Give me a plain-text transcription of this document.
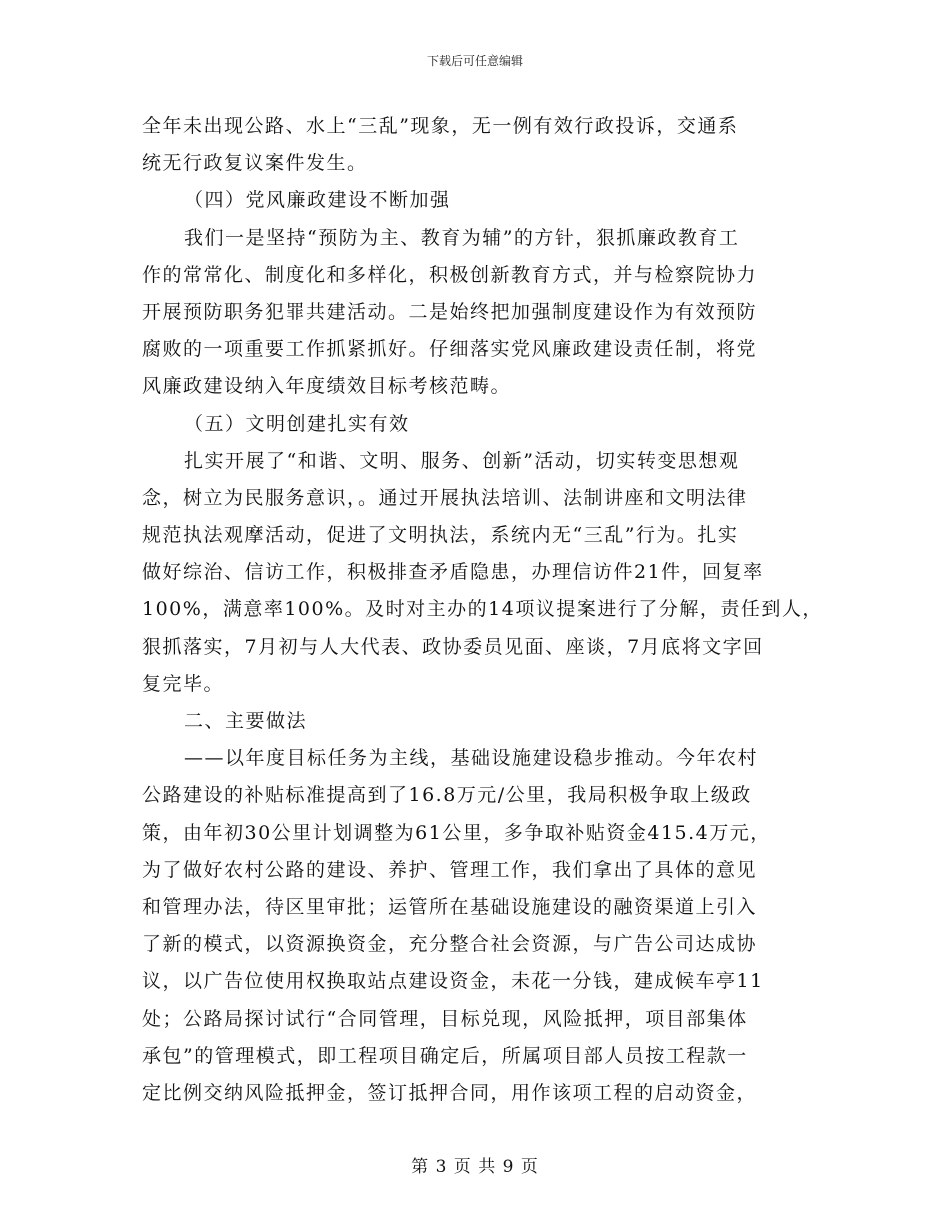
下载后可任意编辑
全年未出现公路、水上“三乱”现象，无一例有效行政投诉，交通系
统无行政复议案件发生。
（四）党风廉政建设不断加强
我们一是坚持“预防为主、教育为辅”的方针，狠抓廉政教育工
作的常常化、制度化和多样化，积极创新教育方式，并与检察院协力
开展预防职务犯罪共建活动。二是始终把加强制度建设作为有效预防
腐败的一项重要工作抓紧抓好。仔细落实党风廉政建设责任制，将党
风廉政建设纳入年度绩效目标考核范畴。
（五）文明创建扎实有效
扎实开展了“和谐、文明、服务、创新”活动，切实转变思想观
念，树立为民服务意识，。通过开展执法培训、法制讲座和文明法律
规范执法观摩活动，促进了文明执法，系统内无“三乱”行为。扎实
做好综治、信访工作，积极排查矛盾隐患，办理信访件21件，回复率
100%，满意率100%。及时对主办的14项议提案进行了分解，责任到人，
狠抓落实，7月初与人大代表、政协委员见面、座谈，7月底将文字回
复完毕。
二、主要做法
——以年度目标任务为主线，基础设施建设稳步推动。今年农村
公路建设的补贴标准提高到了16.8万元/公里，我局积极争取上级政
策，由年初30公里计划调整为61公里，多争取补贴资金415.4万元，
为了做好农村公路的建设、养护、管理工作，我们拿出了具体的意见
和管理办法，待区里审批；运管所在基础设施建设的融资渠道上引入
了新的模式，以资源换资金，充分整合社会资源，与广告公司达成协
议，以广告位使用权换取站点建设资金，未花一分钱，建成候车亭11
处；公路局探讨试行“合同管理，目标兑现，风险抵押，项目部集体
承包”的管理模式，即工程项目确定后，所属项目部人员按工程款一
定比例交纳风险抵押金，签订抵押合同，用作该项工程的启动资金，
第 3 页 共 9 页
